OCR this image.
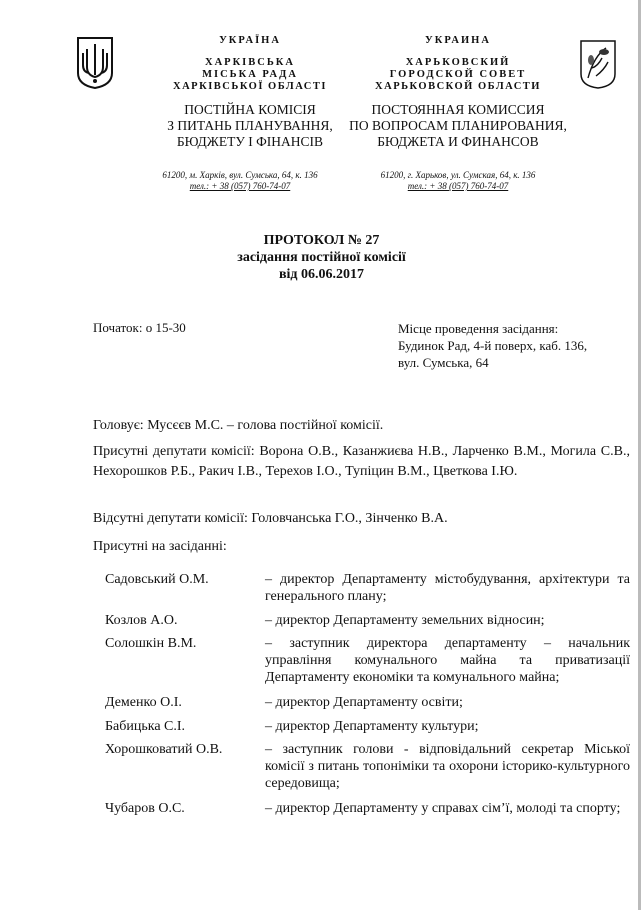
УКРАЇНА
ХАРКІВСЬКА
МІСЬКА РАДА
ХАРКІВСЬКОЇ ОБЛАСТІ
ПОСТІЙНА КОМІСІЯ
З ПИТАНЬ ПЛАНУВАННЯ,
БЮДЖЕТУ І ФІНАНСІВ
61200, м. Харків, вул. Сумська, 64, к. 136
тел.: + 38 (057) 760-74-07
УКРАИНА
ХАРЬКОВСКИЙ
ГОРОДСКОЙ СОВЕТ
ХАРЬКОВСКОЙ ОБЛАСТИ
ПОСТОЯННАЯ КОМИССИЯ
ПО ВОПРОСАМ ПЛАНИРОВАНИЯ,
БЮДЖЕТА И ФИНАНСОВ
61200, г. Харьков, ул. Сумская, 64, к. 136
тел.: + 38 (057) 760-74-07
ПРОТОКОЛ № 27
засідання постійної комісії
від 06.06.2017
Початок: о 15-30	Місце проведення засідання:
Будинок Рад, 4-й поверх, каб. 136,
вул. Сумська, 64
Головує: Мусєєв М.С. – голова постійної комісії.
Присутні депутати комісії: Ворона О.В., Казанжиєва Н.В., Ларченко В.М., Могила С.В., Нехорошков Р.Б., Ракич І.В., Терехов І.О., Тупіцин В.М., Цветкова І.Ю.
Відсутні депутати комісії: Головчанська Г.О., Зінченко В.А.
Присутні на засіданні:
Садовський О.М.	– директор Департаменту містобудування, архітектури та генерального плану;
Козлов А.О.	– директор Департаменту земельних відносин;
Солошкін В.М.	– заступник директора департаменту – начальник управління комунального майна та приватизації Департаменту економіки та комунального майна;
Деменко О.І.	– директор Департаменту освіти;
Бабицька С.І.	– директор Департаменту культури;
Хорошковатий О.В.	– заступник голови - відповідальний секретар Міської комісії з питань топоніміки та охорони історико-культурного середовища;
Чубаров О.С.	– директор Департаменту у справах сім’ї, молоді та спорту;
